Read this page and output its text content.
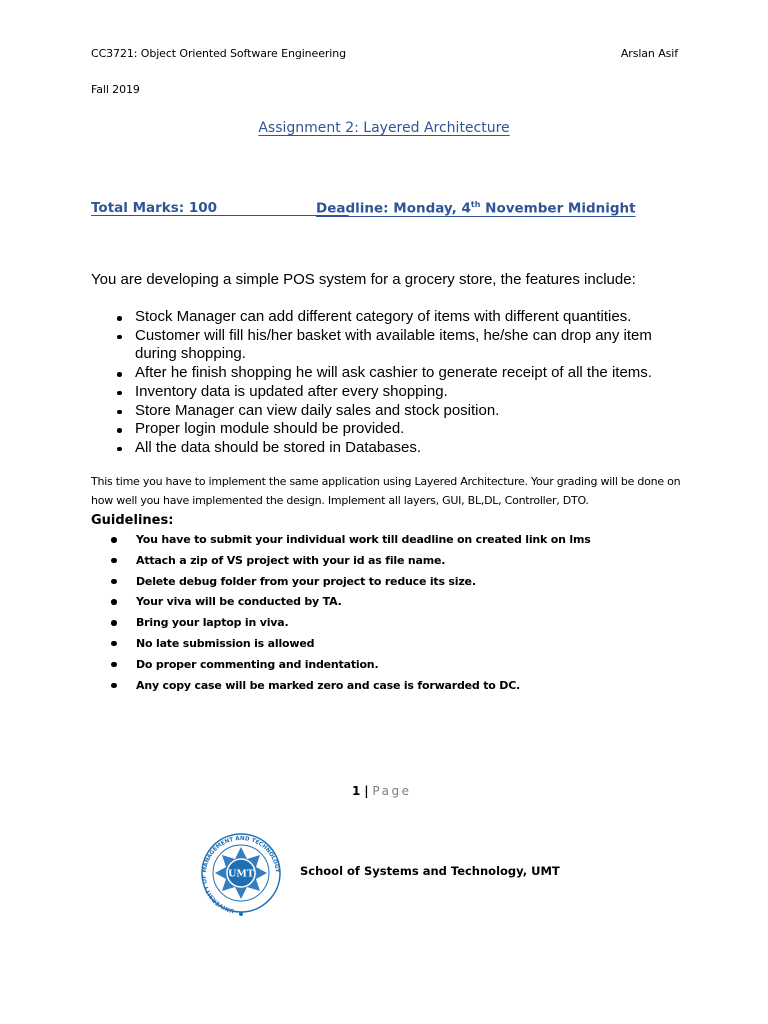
CC3721: Object Oriented Software Engineering	Arslan Asif
Fall 2019
Assignment 2: Layered Architecture
Total Marks: 100	Deadline: Monday, 4th November Midnight
You are developing a simple POS system for a grocery store, the features include:
Stock Manager can add different category of items with different quantities.
Customer will fill his/her basket with available items, he/she can drop any item during shopping.
After he finish shopping he will ask cashier to generate receipt of all the items.
Inventory data is updated after every shopping.
Store Manager can view daily sales and stock position.
Proper login module should be provided.
All the data should be stored in Databases.
This time you have to implement the same application using Layered Architecture. Your grading will be done on how well you have implemented the design. Implement all layers, GUI, BL,DL, Controller, DTO.
Guidelines:
You have to submit your individual work till deadline on created link on lms
Attach a zip of VS project with your id as file name.
Delete debug folder from your project to reduce its size.
Your viva will be conducted by TA.
Bring your laptop in viva.
No late submission is allowed
Do proper commenting and indentation.
Any copy case will be marked zero and case is forwarded to DC.
1 | Page
UNIVERSITY OF MANAGEMENT AND TECHNOLOGY
UMT	School of Systems and Technology, UMT
